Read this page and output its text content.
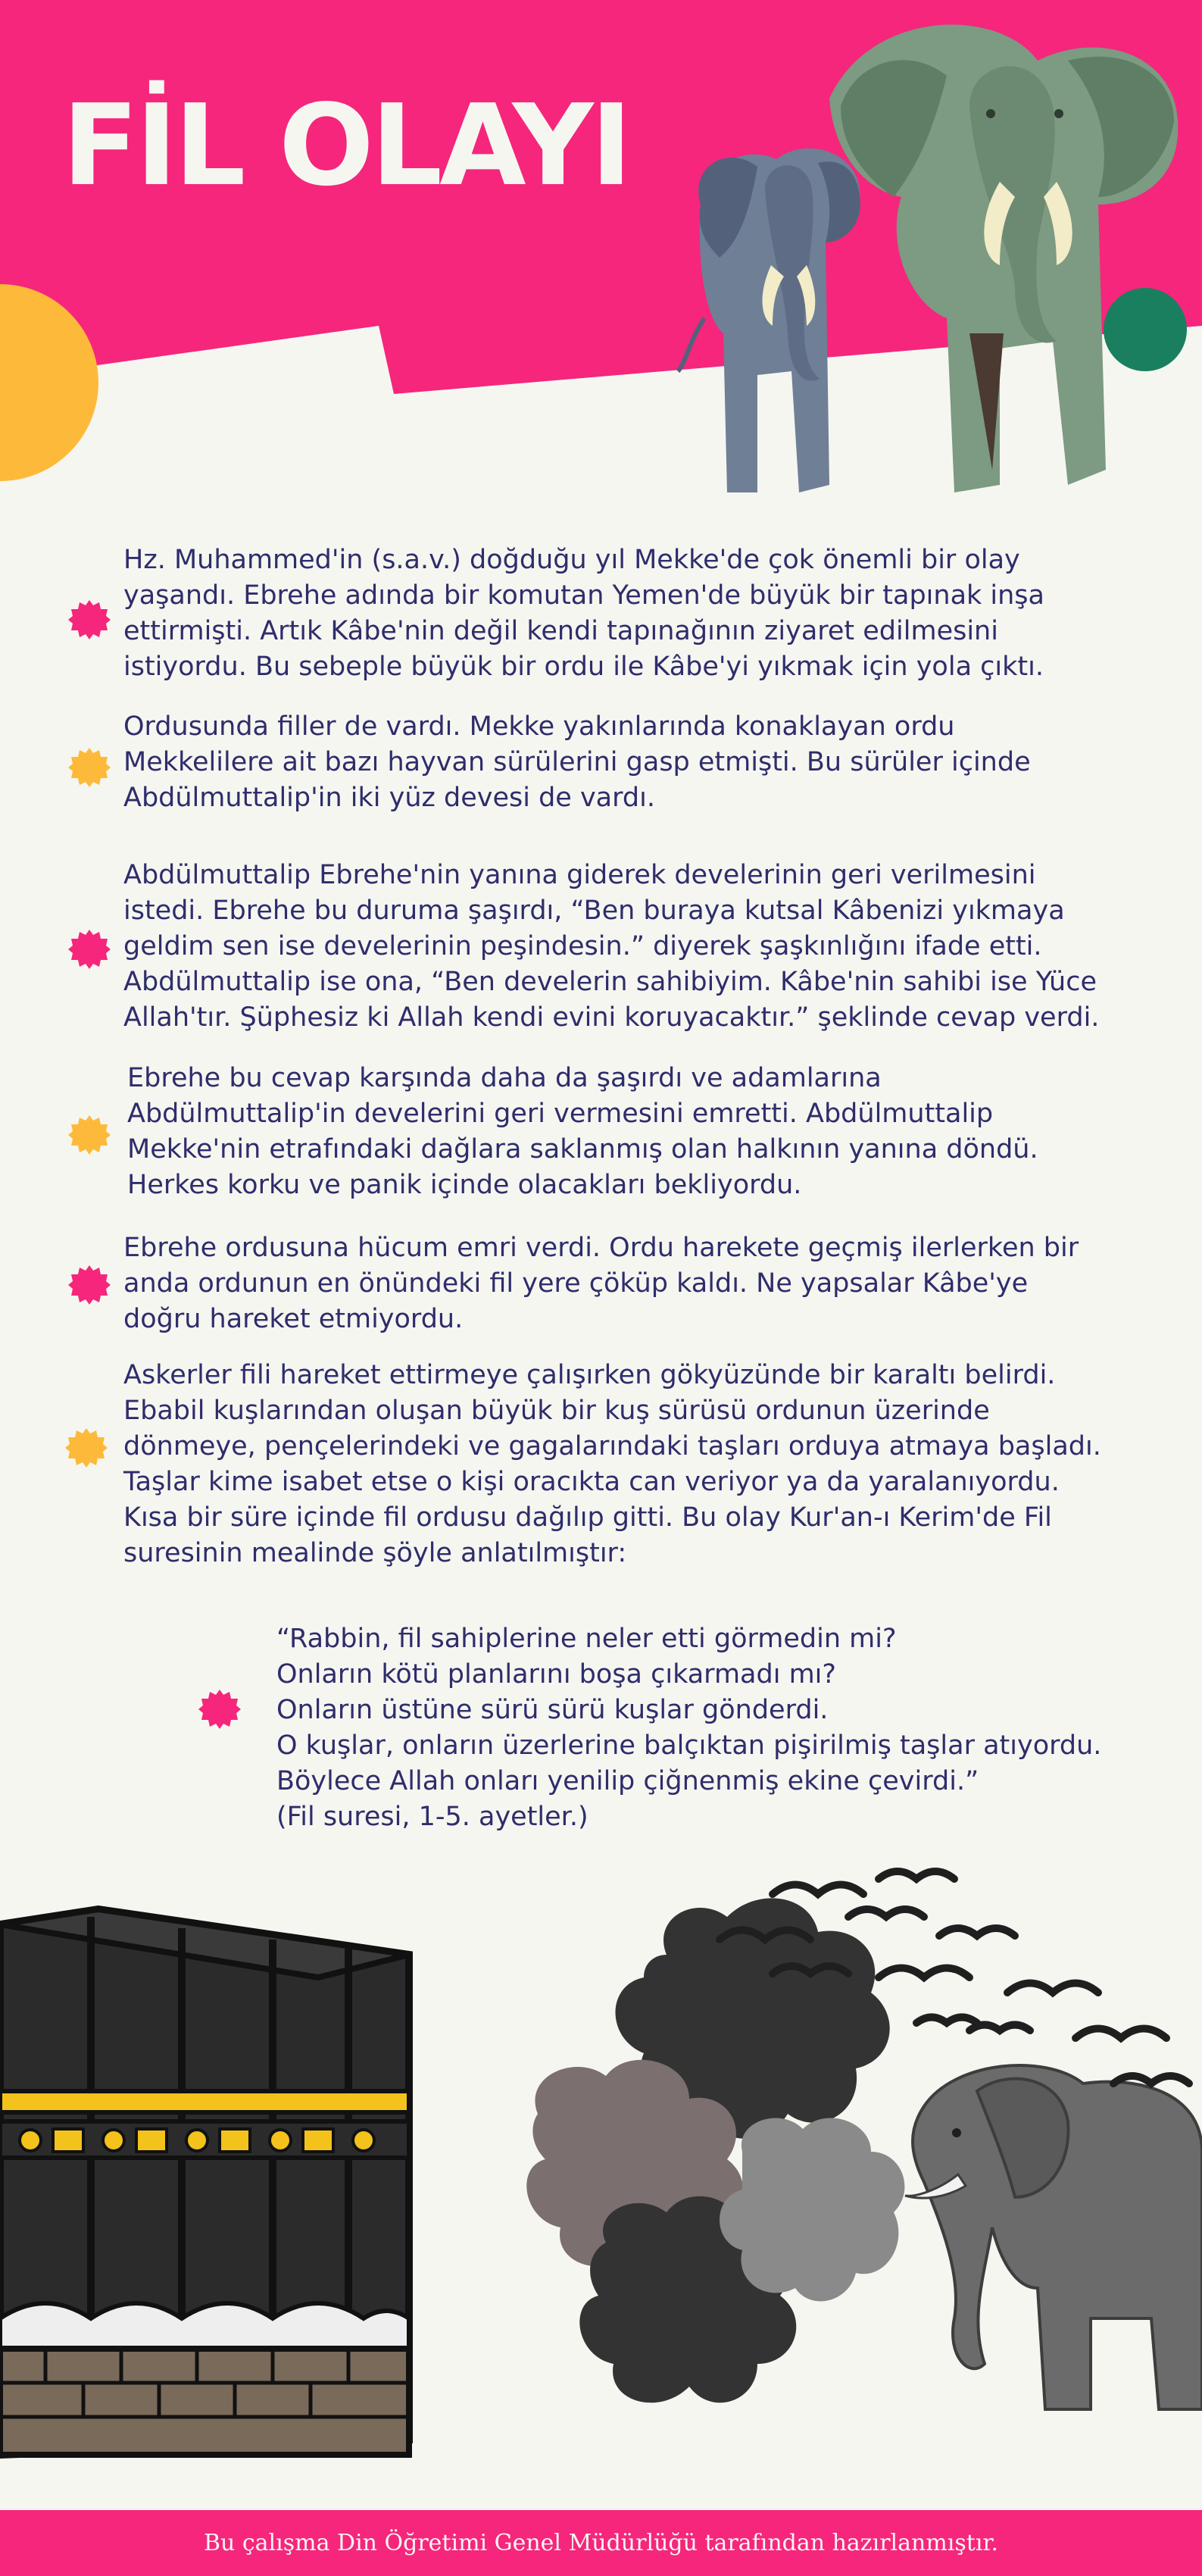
FİL OLAYI

Hz. Muhammed'in (s.a.v.) doğduğu yıl Mekke'de çok önemli bir olay yaşandı. Ebrehe adında bir komutan Yemen'de büyük bir tapınak inşa ettirmişti. Artık Kâbe'nin değil kendi tapınağının ziyaret edilmesini istiyordu. Bu sebeple büyük bir ordu ile Kâbe'yi yıkmak için yola çıktı.

Ordusunda filler de vardı. Mekke yakınlarında konaklayan ordu Mekkelilere ait bazı hayvan sürülerini gasp etmişti. Bu sürüler içinde Abdülmuttalip'in iki yüz devesi de vardı.

Abdülmuttalip Ebrehe'nin yanına giderek develerinin geri verilmesini istedi. Ebrehe bu duruma şaşırdı, “Ben buraya kutsal Kâbenizi yıkmaya geldim sen ise develerinin peşindesin.” diyerek şaşkınlığını ifade etti. Abdülmuttalip ise ona, “Ben develerin sahibiyim. Kâbe'nin sahibi ise Yüce Allah'tır. Şüphesiz ki Allah kendi evini koruyacaktır.” şeklinde cevap verdi.

Ebrehe bu cevap karşında daha da şaşırdı ve adamlarına Abdülmuttalip'in develerini geri vermesini emretti. Abdülmuttalip Mekke'nin etrafındaki dağlara saklanmış olan halkının yanına döndü. Herkes korku ve panik içinde olacakları bekliyordu.

Ebrehe ordusuna hücum emri verdi. Ordu harekete geçmiş ilerlerken bir anda ordunun en önündeki fil yere çöküp kaldı. Ne yapsalar Kâbe'ye doğru hareket etmiyordu.

Askerler fili hareket ettirmeye çalışırken gökyüzünde bir karaltı belirdi. Ebabil kuşlarından oluşan büyük bir kuş sürüsü ordunun üzerinde dönmeye, pençelerindeki ve gagalarındaki taşları orduya atmaya başladı. Taşlar kime isabet etse o kişi oracıkta can veriyor ya da yaralanıyordu. Kısa bir süre içinde fil ordusu dağılıp gitti. Bu olay Kur'an-ı Kerim'de Fil suresinin mealinde şöyle anlatılmıştır:

“Rabbin, fil sahiplerine neler etti görmedin mi?
Onların kötü planlarını boşa çıkarmadı mı?
Onların üstüne sürü sürü kuşlar gönderdi.
O kuşlar, onların üzerlerine balçıktan pişirilmiş taşlar atıyordu.
Böylece Allah onları yenilip çiğnenmiş ekine çevirdi.”
(Fil suresi, 1-5. ayetler.)
Bu çalışma Din Öğretimi Genel Müdürlüğü tarafından hazırlanmıştır.
